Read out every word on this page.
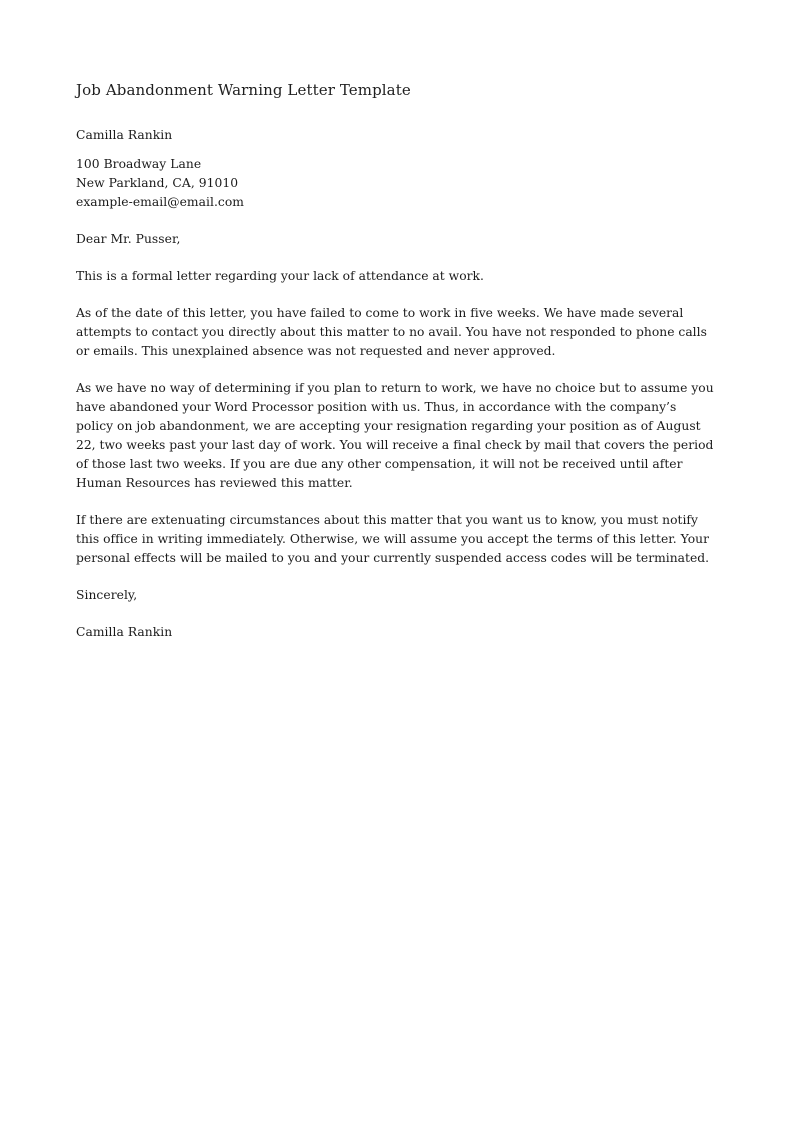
Job Abandonment Warning Letter Template

Camilla Rankin

100 Broadway Lane

New Parkland, CA, 91010

example-email@email.com

Dear Mr. Pusser,

This is a formal letter regarding your lack of attendance at work.

As of the date of this letter, you have failed to come to work in five weeks. We have made several attempts to contact you directly about this matter to no avail. You have not responded to phone calls or emails. This unexplained absence was not requested and never approved.

As we have no way of determining if you plan to return to work, we have no choice but to assume you have abandoned your Word Processor position with us. Thus, in accordance with the company’s policy on job abandonment, we are accepting your resignation regarding your position as of August 22, two weeks past your last day of work. You will receive a final check by mail that covers the period of those last two weeks. If you are due any other compensation, it will not be received until after Human Resources has reviewed this matter.

If there are extenuating circumstances about this matter that you want us to know, you must notify this office in writing immediately. Otherwise, we will assume you accept the terms of this letter. Your personal effects will be mailed to you and your currently suspended access codes will be terminated.

Sincerely,

Camilla Rankin
